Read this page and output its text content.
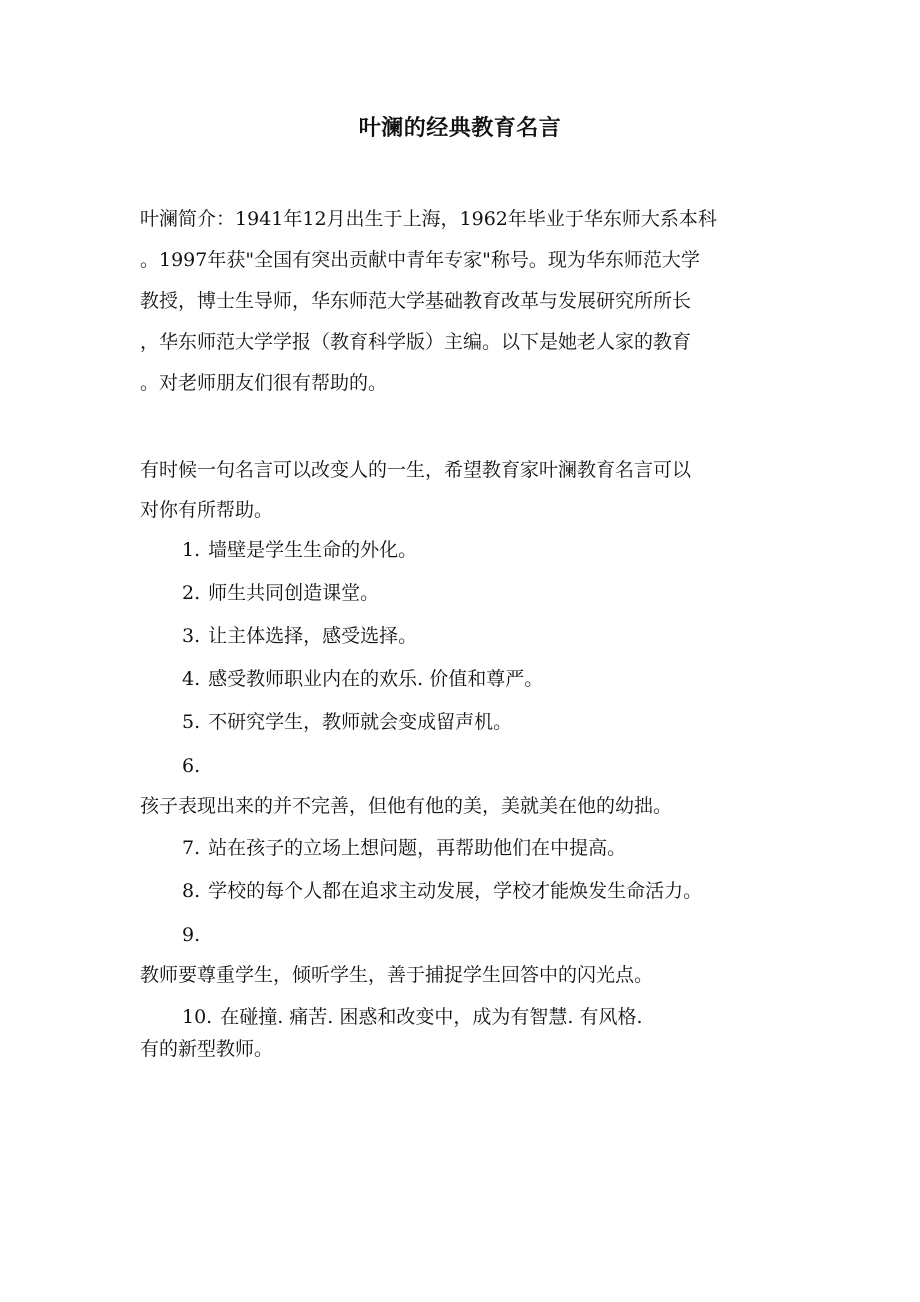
叶澜的经典教育名言
叶澜简介：1941年12月出生于上海，1962年毕业于华东师大系本科
。1997年获"全国有突出贡献中青年专家"称号。现为华东师范大学
教授，博士生导师，华东师范大学基础教育改革与发展研究所所长
，华东师范大学学报（教育科学版）主编。以下是她老人家的教育
。对老师朋友们很有帮助的。
有时候一句名言可以改变人的一生，希望教育家叶澜教育名言可以
对你有所帮助。
1. 墙壁是学生生命的外化。
2. 师生共同创造课堂。
3. 让主体选择，感受选择。
4. 感受教师职业内在的欢乐. 价值和尊严。
5. 不研究学生，教师就会变成留声机。
6.
孩子表现出来的并不完善，但他有他的美，美就美在他的幼拙。
7. 站在孩子的立场上想问题，再帮助他们在中提高。
8. 学校的每个人都在追求主动发展，学校才能焕发生命活力。
9.
教师要尊重学生，倾听学生，善于捕捉学生回答中的闪光点。
10. 在碰撞. 痛苦. 困惑和改变中，成为有智慧. 有风格.
有的新型教师。
